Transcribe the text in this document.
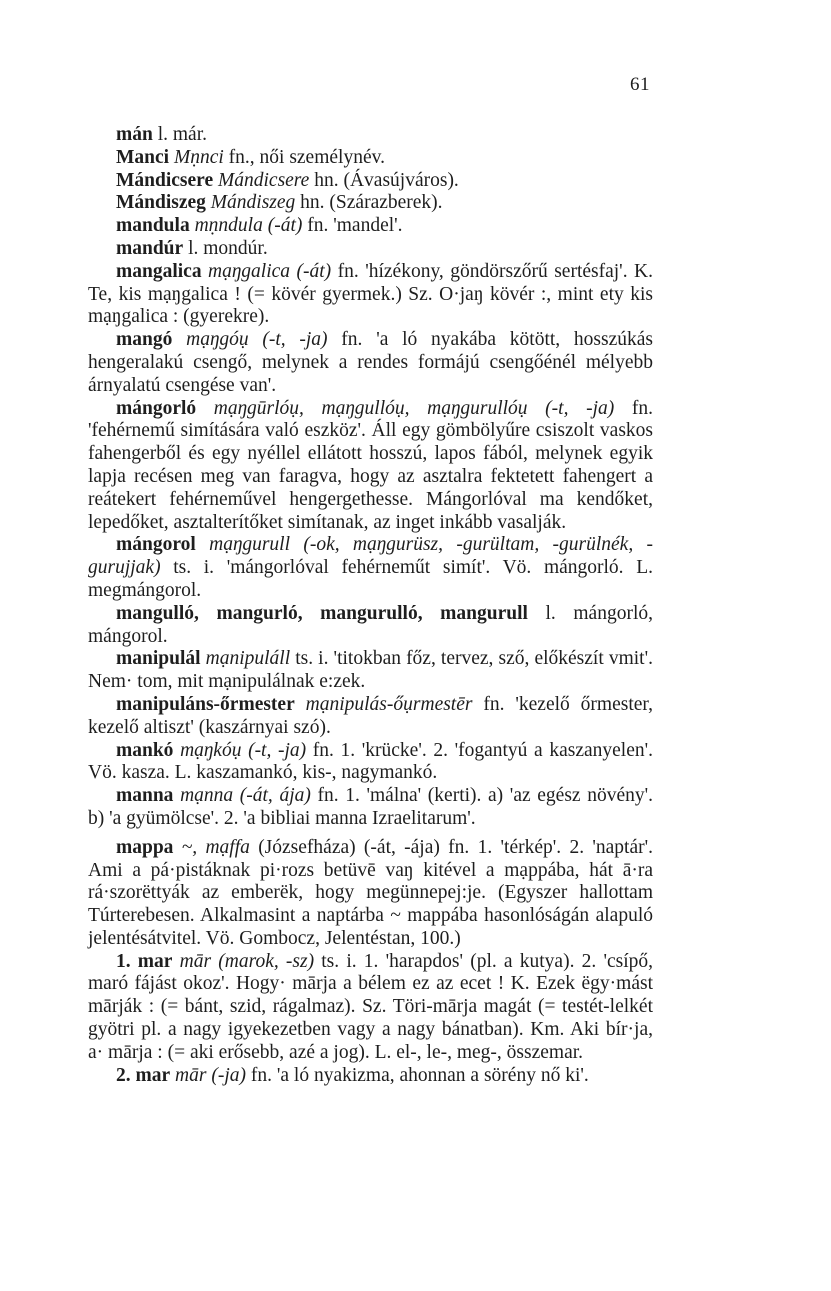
61

mán l. már.

Manci Mṇnci fn., női személynév.

Mándicsere Mándicsere hn. (Ávasújváros).

Mándiszeg Mándiszeg hn. (Szárazberek).

mandula mṇndula (-át) fn. 'mandel'.

mandúr l. mondúr.

mangalica mạŋgalica (-át) fn. 'hízékony, göndörszőrű sertésfaj'. K. Te, kis mạŋgalica ! (= kövér gyermek.) Sz. O·jaŋ kövér :, mint ety kis mạŋgalica : (gyerekre).

mangó mạŋgóụ (-t, -ja) fn. 'a ló nyakába kötött, hosszúkás hengeralakú csengő, melynek a rendes formájú csengőénél mélyebb árnyalatú csengése van'.

mángorló mạŋgūrlóụ, mạŋgullóụ, mạŋgurullóụ (-t, -ja) fn. 'fehérnemű simítására való eszköz'. Áll egy gömbölyűre csiszolt vaskos fahengerből és egy nyéllel ellátott hosszú, lapos fából, melynek egyik lapja recésen meg van faragva, hogy az asztalra fektetett fahengert a reátekert fehérneművel hengergethesse. Mángorlóval ma kendőket, lepedőket, asztalterítőket simítanak, az inget inkább vasalják.

mángorol mạŋgurull (-ok, mạŋgurüsz, -gurültam, -gurülnék, -gurujjak) ts. i. 'mángorlóval fehérneműt simít'. Vö. mángorló. L. megmángorol.

mangulló, mangurló, mangurulló, mangurull l. mángorló, mángorol.

manipulál mạnipuláll ts. i. 'titokban főz, tervez, sző, előkészít vmit'. Nem· tom, mit mạnipulálnak e:zek.

manipuláns-őrmester mạnipulás-őụrmestēr fn. 'kezelő őrmester, kezelő altiszt' (kaszárnyai szó).

mankó mạŋkóụ (-t, -ja) fn. 1. 'krücke'. 2. 'fogantyú a kaszanyelen'. Vö. kasza. L. kaszamankó, kis-, nagymankó.

manna mạnna (-át, ája) fn. 1. 'málna' (kerti). a) 'az egész növény'. b) 'a gyümölcse'. 2. 'a bibliai manna Izraelitarum'.

mappa ~, mạffa (Józsefháza) (-át, -ája) fn. 1. 'térkép'. 2. 'naptár'. Ami a pá·pistáknak pi·rozs betüvē vaŋ kitével a mạppába, hát ā·ra rá·szorëttyák az emberëk, hogy megünnepej:je. (Egyszer hallottam Túrterebesen. Alkalmasint a naptárba ~ mappába hasonlóságán alapuló jelentésátvitel. Vö. Gombocz, Jelentéstan, 100.)

1. mar mār (marok, -sz) ts. i. 1. 'harapdos' (pl. a kutya). 2. 'csípő, maró fájást okoz'. Hogy· mārja a bélem ez az ecet ! K. Ezek ëgy·mást mārják : (= bánt, szid, rágalmaz). Sz. Töri-mārja magát (= testét-lelkét gyötri pl. a nagy igyekezetben vagy a nagy bánatban). Km. Aki bír·ja, a· mārja : (= aki erősebb, azé a jog). L. el-, le-, meg-, összemar.

2. mar mār (-ja) fn. 'a ló nyakizma, ahonnan a sörény nő ki'.
